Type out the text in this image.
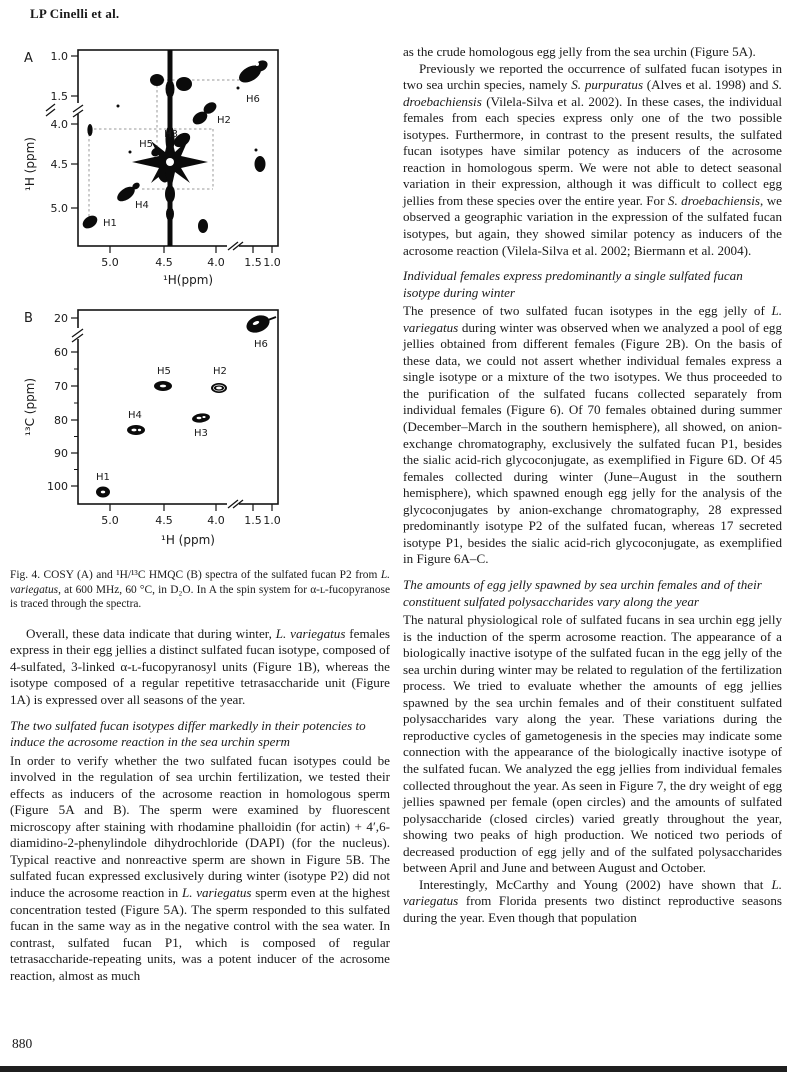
LP Cinelli et al.
A 1.0
1.5
4.0
4.5
5.0
¹H (ppm)
5.0	4.5	4.0 1.5 1.0
¹H(ppm)
H1
H2
H3
H4
H5
H6
B 20
60
70
80
90
100
¹³C (ppm)
5.0	4.5	4.0 1.5 1.0
¹H (ppm)
H6
H5	H2
H4
H3
H1
Fig. 4. COSY (A) and ¹H/¹³C HMQC (B) spectra of the sulfated fucan P2 from L. variegatus, at 600 MHz, 60 °C, in D₂O. In A the spin system for α-ʟ-fucopyranose is traced through the spectra.

Overall, these data indicate that during winter, L. variegatus females express in their egg jellies a distinct sulfated fucan isotype, composed of 4-sulfated, 3-linked α-ʟ-fucopyranosyl units (Figure 1B), whereas the isotype composed of a regular repetitive tetrasaccharide unit (Figure 1A) is expressed over all seasons of the year.

The two sulfated fucan isotypes differ markedly in their potencies to induce the acrosome reaction in the sea urchin sperm

In order to verify whether the two sulfated fucan isotypes could be involved in the regulation of sea urchin fertilization, we tested their effects as inducers of the acrosome reaction in homologous sperm (Figure 5A and B). The sperm were examined by fluorescent microscopy after staining with rhodamine phalloidin (for actin) + 4′,6-diamidino-2-phenylindole dihydrochloride (DAPI) (for the nucleus). Typical reactive and nonreactive sperm are shown in Figure 5B. The sulfated fucan expressed exclusively during winter (isotype P2) did not induce the acrosome reaction in L. variegatus sperm even at the highest concentration tested (Figure 5A). The sperm responded to this sulfated fucan in the same way as in the negative control with the sea water. In contrast, sulfated fucan P1, which is composed of regular tetrasaccharide-repeating units, was a potent inducer of the acrosome reaction, almost as much

as the crude homologous egg jelly from the sea urchin (Figure 5A).

Previously we reported the occurrence of sulfated fucan isotypes in two sea urchin species, namely S. purpuratus (Alves et al. 1998) and S. droebachiensis (Vilela-Silva et al. 2002). In these cases, the individual females from each species express only one of the two possible isotypes. Furthermore, in contrast to the present results, the sulfated fucan isotypes have similar potency as inducers of the acrosome reaction in homologous sperm. We were not able to detect seasonal variation in their expression, although it was difficult to collect egg jellies from these species over the entire year. For S. droebachiensis, we observed a geographic variation in the expression of the sulfated fucan isotypes, but again, they showed similar potency as inducers of the acrosome reaction (Vilela-Silva et al. 2002; Biermann et al. 2004).

Individual females express predominantly a single sulfated fucan isotype during winter

The presence of two sulfated fucan isotypes in the egg jelly of L. variegatus during winter was observed when we analyzed a pool of egg jellies obtained from different females (Figure 2B). On the basis of these data, we could not assert whether individual females express a single isotype or a mixture of the two isotypes. We thus proceeded to the purification of the sulfated fucans collected separately from individual females (Figure 6). Of 70 females obtained during summer (December–March in the southern hemisphere), all showed, on anion-exchange chromatography, exclusively the sulfated fucan P1, besides the sialic acid-rich glycoconjugate, as exemplified in Figure 6D. Of 45 females collected during winter (June–August in the southern hemisphere), which spawned enough egg jelly for the analysis of the glycoconjugates by anion-exchange chromatography, 28 expressed predominantly isotype P2 of the sulfated fucan, whereas 17 secreted isotype P1, besides the sialic acid-rich glycoconjugate, as exemplified in Figure 6A–C.

The amounts of egg jelly spawned by sea urchin females and of their constituent sulfated polysaccharides vary along the year

The natural physiological role of sulfated fucans in sea urchin egg jelly is the induction of the sperm acrosome reaction. The appearance of a biologically inactive isotype of the sulfated fucan in the egg jelly of the sea urchin during winter may be related to regulation of the fertilization process. We tried to evaluate whether the amounts of egg jellies spawned by the sea urchin females and of their constituent sulfated polysaccharides vary along the year. These variations during the reproductive cycles of gametogenesis in the species may indicate some connection with the appearance of the biologically inactive isotype of the sulfated fucan. We analyzed the egg jellies from individual females collected throughout the year. As seen in Figure 7, the dry weight of egg jellies spawned per female (open circles) and the amounts of sulfated polysaccharide (closed circles) varied greatly throughout the year, showing two peaks of high production. We noticed two periods of decreased production of egg jelly and of the sulfated polysaccharides between April and June and between August and October.

Interestingly, McCarthy and Young (2002) have shown that L. variegatus from Florida presents two distinct reproductive seasons during the year. Even though that population

880
